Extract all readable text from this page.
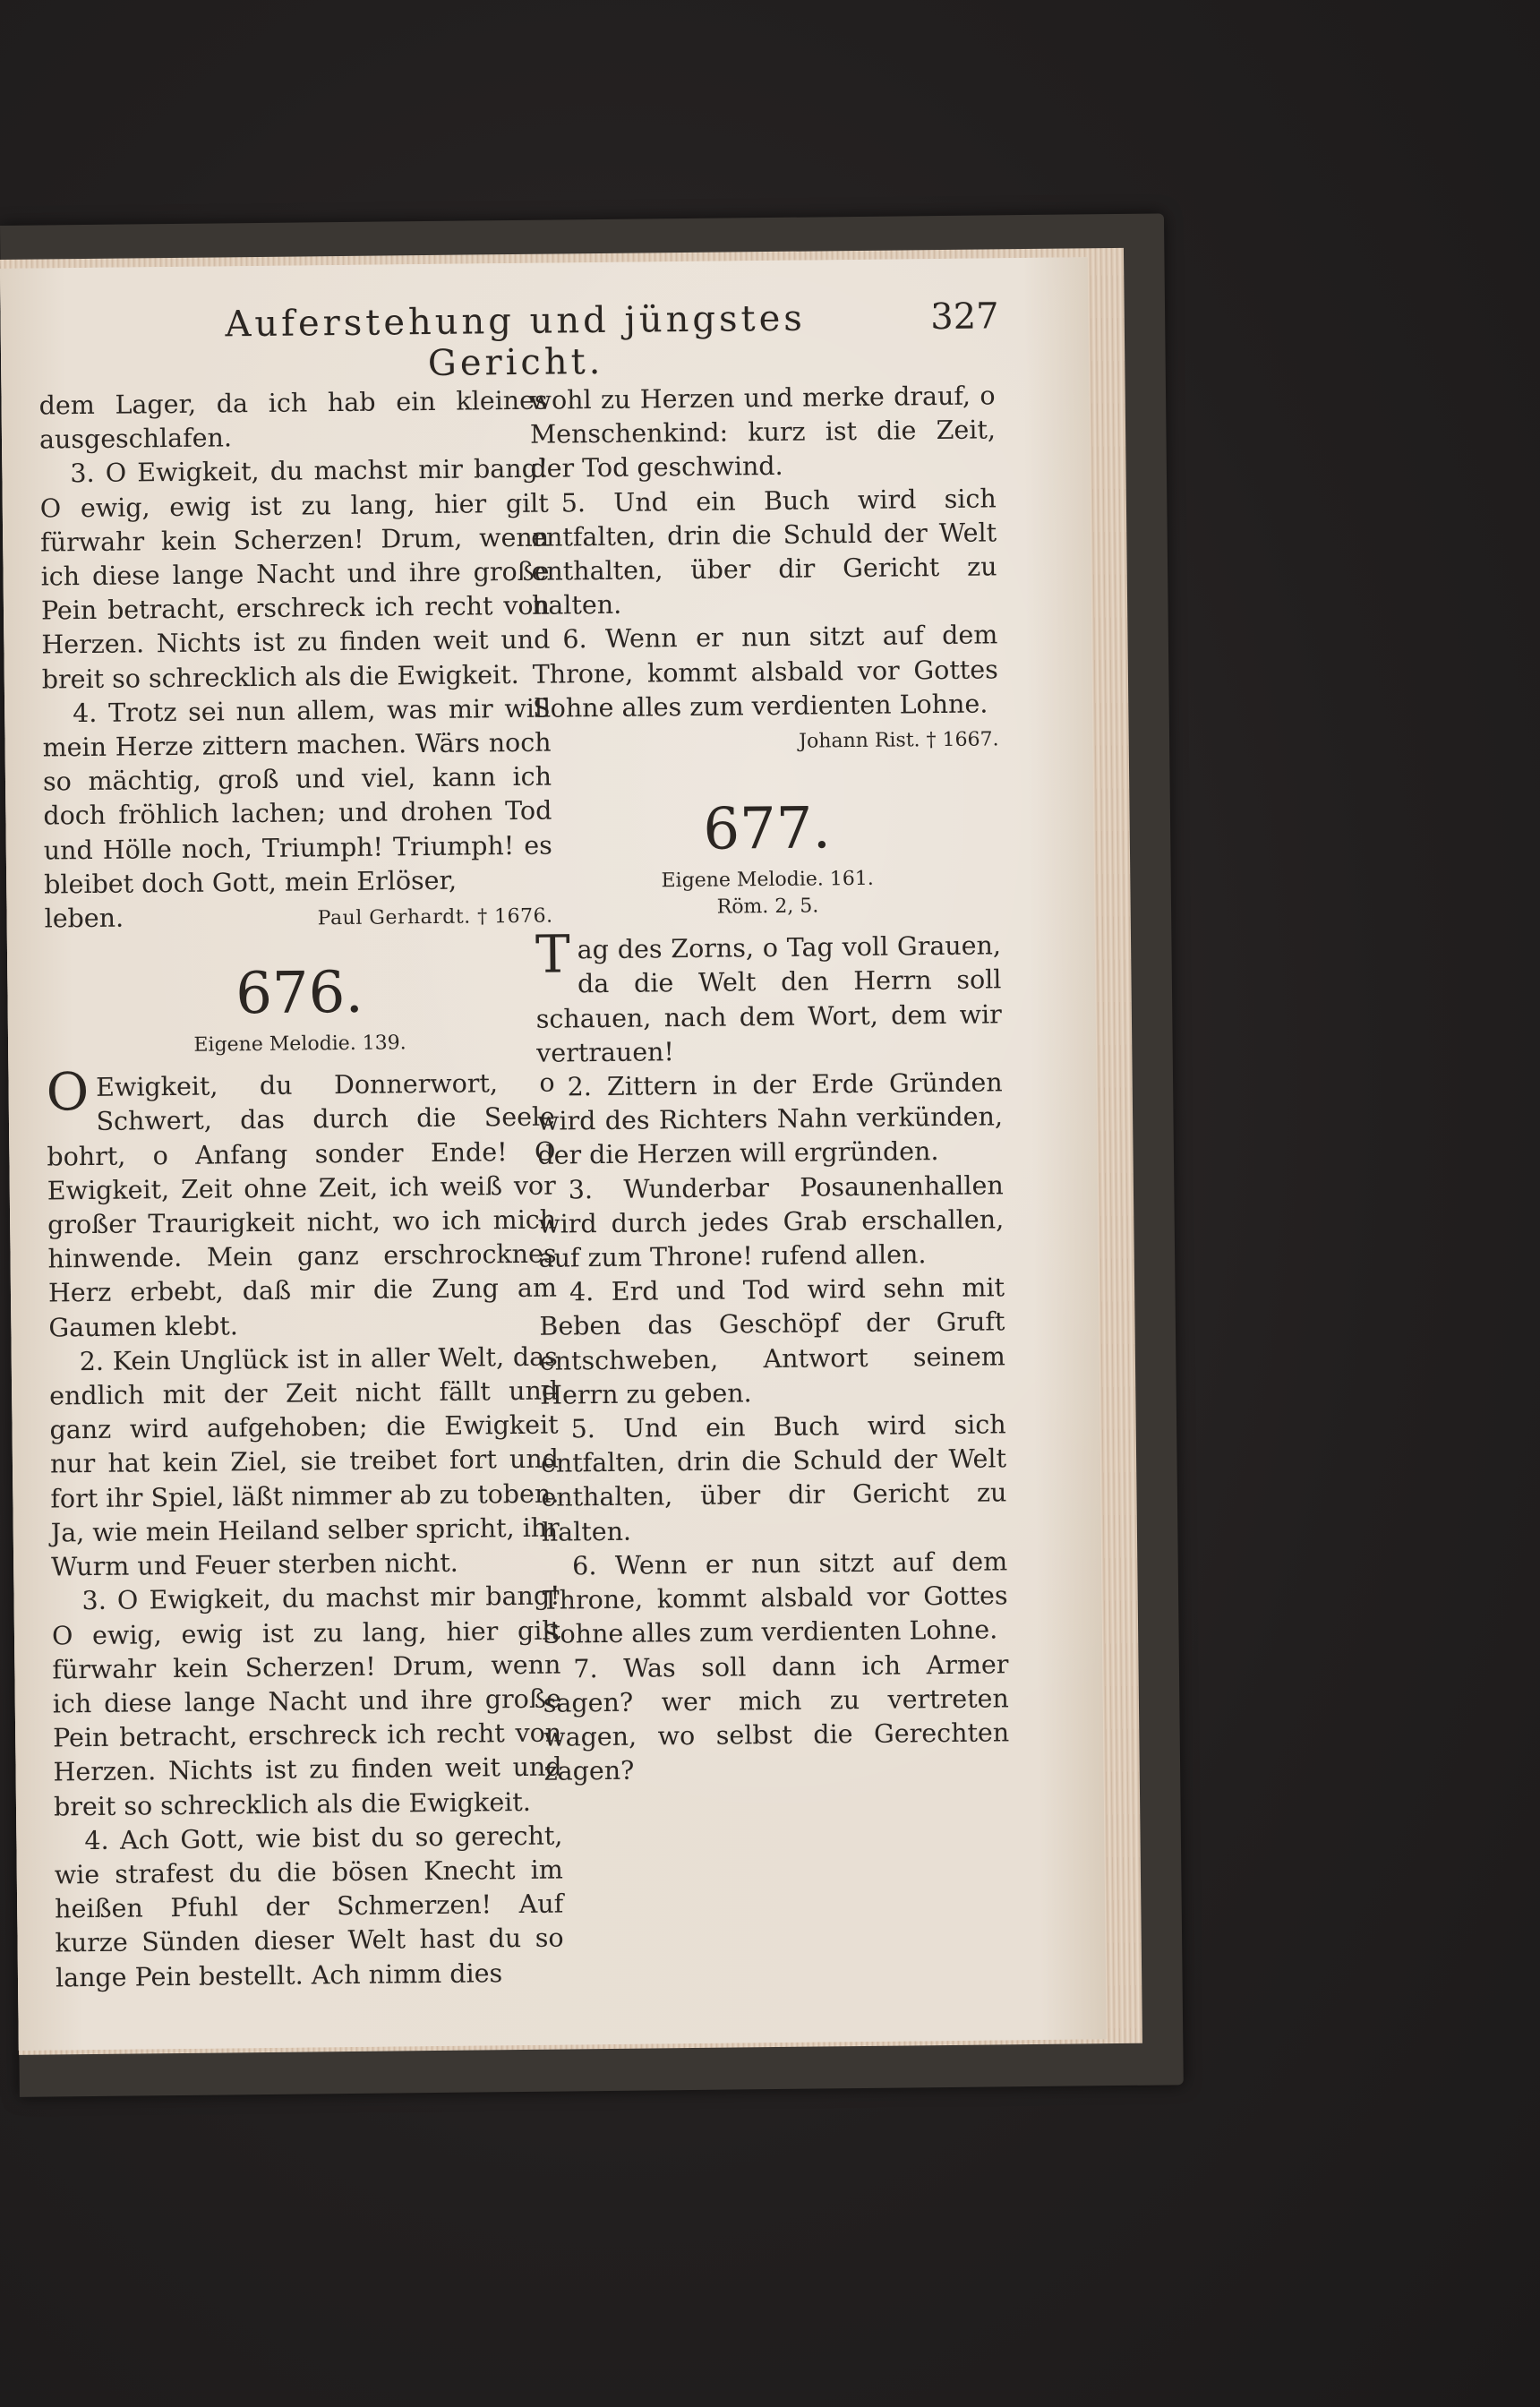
Auferstehung und jüngstes Gericht.
327

dem Lager, da ich hab ein kleines ausgeschlafen.

3. O Ewigkeit, du machst mir bang! O ewig, ewig ist zu lang, hier gilt fürwahr kein Scherzen! Drum, wenn ich diese lange Nacht und ihre große Pein betracht, erschreck ich recht von Herzen. Nichts ist zu finden weit und breit so schrecklich als die Ewigkeit.

4. Trotz sei nun allem, was mir will mein Herze zittern machen. Wärs noch so mächtig, groß und viel, kann ich doch fröhlich lachen; und drohen Tod und Hölle noch, Triumph! Triumph! es bleibet doch Gott, mein Erlöser,

leben.	Paul Gerhardt. † 1676.
676.
Eigene Melodie. 139.

OEwigkeit, du Donnerwort, o Schwert, das durch die Seele bohrt, o Anfang sonder Ende! O Ewigkeit, Zeit ohne Zeit, ich weiß vor großer Traurigkeit nicht, wo ich mich hinwende. Mein ganz erschrocknes Herz erbebt, daß mir die Zung am Gaumen klebt.

2. Kein Unglück ist in aller Welt, das endlich mit der Zeit nicht fällt und ganz wird aufgehoben; die Ewigkeit nur hat kein Ziel, sie treibet fort und fort ihr Spiel, läßt nimmer ab zu toben. Ja, wie mein Heiland selber spricht, ihr Wurm und Feuer sterben nicht.

3. O Ewigkeit, du machst mir bang! O ewig, ewig ist zu lang, hier gilt fürwahr kein Scherzen! Drum, wenn ich diese lange Nacht und ihre große Pein betracht, erschreck ich recht von Herzen. Nichts ist zu finden weit und breit so schrecklich als die Ewigkeit.

4. Ach Gott, wie bist du so gerecht, wie strafest du die bösen Knecht im heißen Pfuhl der Schmerzen! Auf kurze Sünden dieser Welt hast du so lange Pein bestellt. Ach nimm dies

wohl zu Herzen und merke drauf, o Menschenkind: kurz ist die Zeit, der Tod geschwind.

5. Und ein Buch wird sich entfalten, drin die Schuld der Welt enthalten, über dir Gericht zu halten.

6. Wenn er nun sitzt auf dem Throne, kommt alsbald vor Gottes Sohne alles zum verdienten Lohne.

Johann Rist. † 1667.

677.
Eigene Melodie. 161.
Röm. 2, 5.

Tag des Zorns, o Tag voll Grauen, da die Welt den Herrn soll schauen, nach dem Wort, dem wir vertrauen!

2. Zittern in der Erde Gründen wird des Richters Nahn verkünden, der die Herzen will ergründen.

3. Wunderbar Posaunenhallen wird durch jedes Grab erschallen, auf zum Throne! rufend allen.

4. Erd und Tod wird sehn mit Beben das Geschöpf der Gruft entschweben, Antwort seinem Herrn zu geben.

5. Und ein Buch wird sich entfalten, drin die Schuld der Welt enthalten, über dir Gericht zu halten.

6. Wenn er nun sitzt auf dem Throne, kommt alsbald vor Gottes Sohne alles zum verdienten Lohne.

7. Was soll dann ich Armer sagen? wer mich zu vertreten wagen, wo selbst die Gerechten zagen?
